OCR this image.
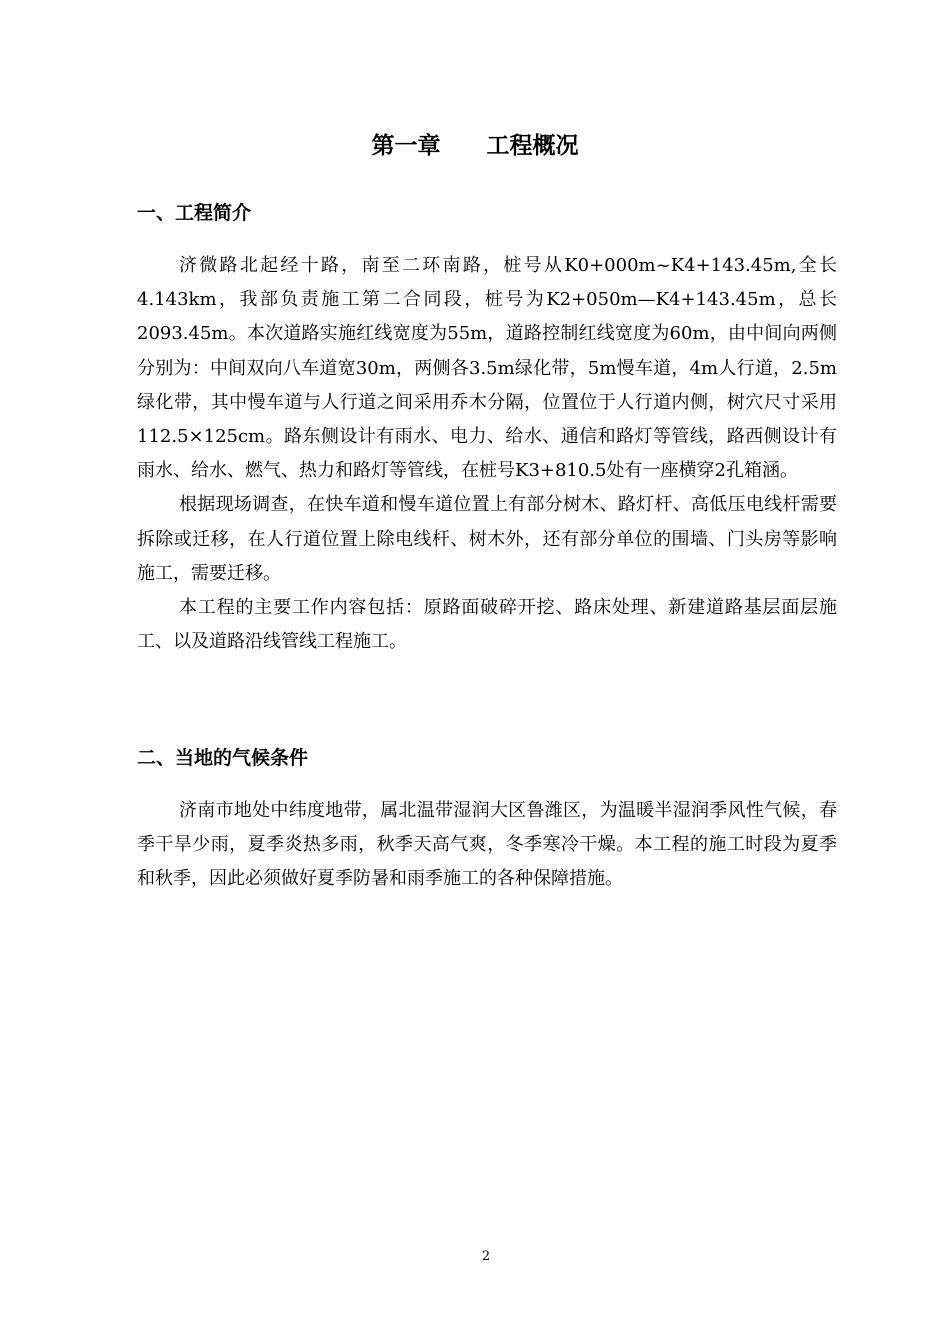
第一章　　工程概况
一、工程简介

济微路北起经十路，南至二环南路，桩号从K0+000m~K4+143.45m,全长4.143km，我部负责施工第二合同段，桩号为K2+050m—K4+143.45m，总长2093.45m。本次道路实施红线宽度为55m，道路控制红线宽度为60m，由中间向两侧分别为：中间双向八车道宽30m，两侧各3.5m绿化带，5m慢车道，4m人行道，2.5m绿化带，其中慢车道与人行道之间采用乔木分隔，位置位于人行道内侧，树穴尺寸采用112.5×125cm。路东侧设计有雨水、电力、给水、通信和路灯等管线，路西侧设计有雨水、给水、燃气、热力和路灯等管线，在桩号K3+810.5处有一座横穿2孔箱涵。

根据现场调查，在快车道和慢车道位置上有部分树木、路灯杆、高低压电线杆需要拆除或迁移，在人行道位置上除电线杆、树木外，还有部分单位的围墙、门头房等影响施工，需要迁移。

本工程的主要工作内容包括：原路面破碎开挖、路床处理、新建道路基层面层施工、以及道路沿线管线工程施工。

二、当地的气候条件

济南市地处中纬度地带，属北温带湿润大区鲁潍区，为温暖半湿润季风性气候，春季干旱少雨，夏季炎热多雨，秋季天高气爽，冬季寒冷干燥。本工程的施工时段为夏季和秋季，因此必须做好夏季防暑和雨季施工的各种保障措施。

2
